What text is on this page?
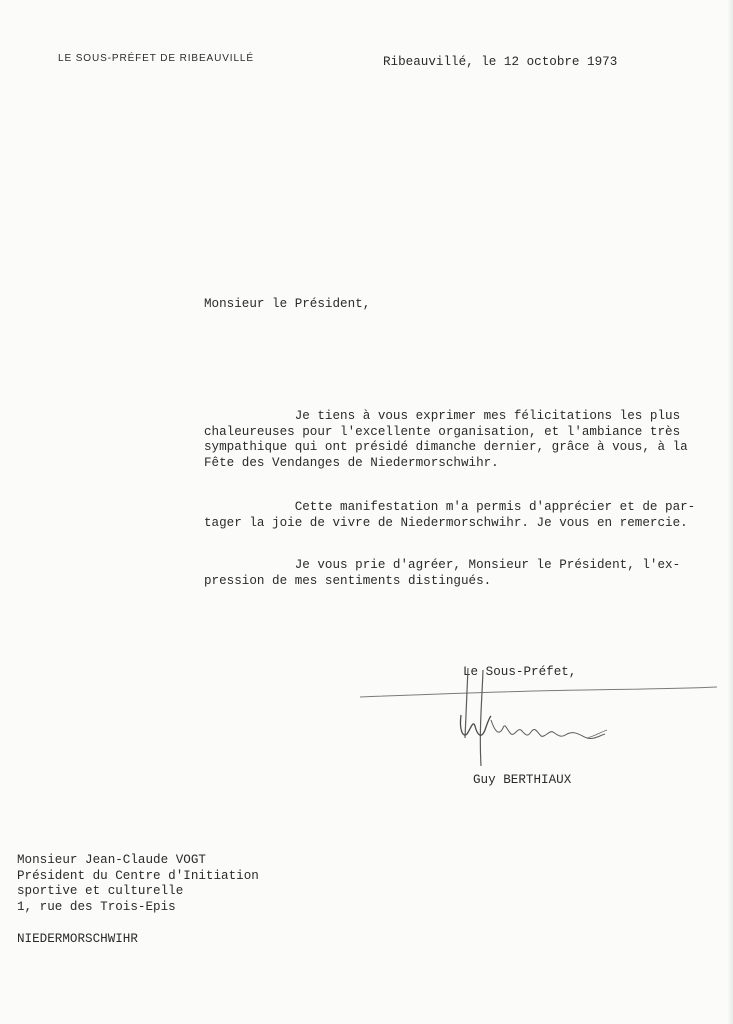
LE SOUS-PRÉFET DE RIBEAUVILLÉ	Ribeauvillé, le 12 octobre 1973
Monsieur le Président,
Je tiens à vous exprimer mes félicitations les plus
chaleureuses pour l'excellente organisation, et l'ambiance très
sympathique qui ont présidé dimanche dernier, grâce à vous, à la
Fête des Vendanges de Niedermorschwihr.
Cette manifestation m'a permis d'apprécier et de par-
tager la joie de vivre de Niedermorschwihr. Je vous en remercie.
Je vous prie d'agréer, Monsieur le Président, l'ex-
pression de mes sentiments distingués.
Le Sous-Préfet,
Guy BERTHIAUX
Monsieur Jean-Claude VOGT
Président du Centre d'Initiation
sportive et culturelle
1, rue des Trois-Epis
NIEDERMORSCHWIHR
